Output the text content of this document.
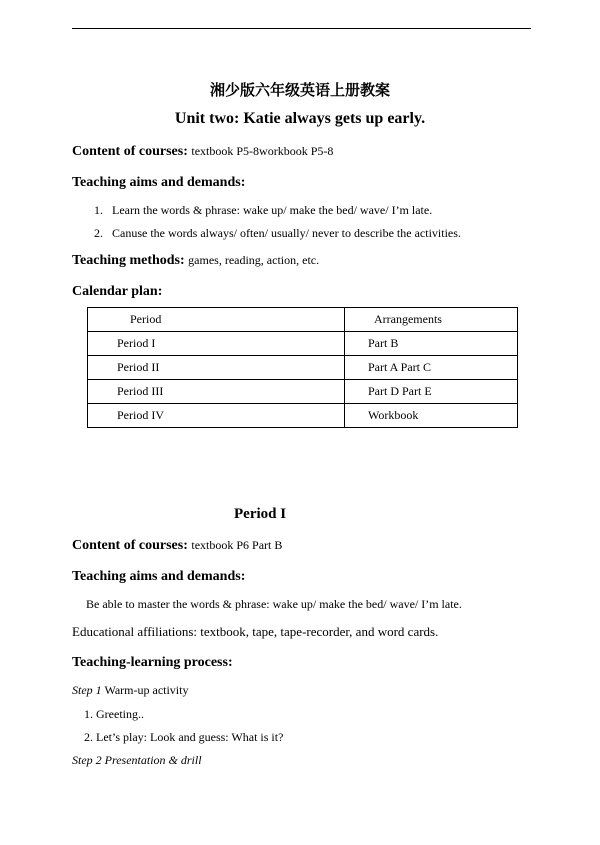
湘少版六年级英语上册教案
Unit two: Katie always gets up early.
Content of courses: textbook P5-8workbook P5-8
Teaching aims and demands:
1.   Learn the words & phrase: wake up/ make the bed/ wave/ I’m late.
2.   Canuse the words always/ often/ usually/ never to describe the activities.
Teaching methods: games, reading, action, etc.
Calendar plan:
Period	Arrangements
Period I	Part B
Period II	Part A Part C
Period III	Part D Part E
Period IV	Workbook
Period I
Content of courses: textbook P6 Part B
Teaching aims and demands:
Be able to master the words & phrase: wake up/ make the bed/ wave/ I’m late.
Educational affiliations: textbook, tape, tape-recorder, and word cards.
Teaching-learning process:
Step 1 Warm-up activity
1. Greeting..
2. Let’s play: Look and guess: What is it?
Step 2 Presentation & drill
